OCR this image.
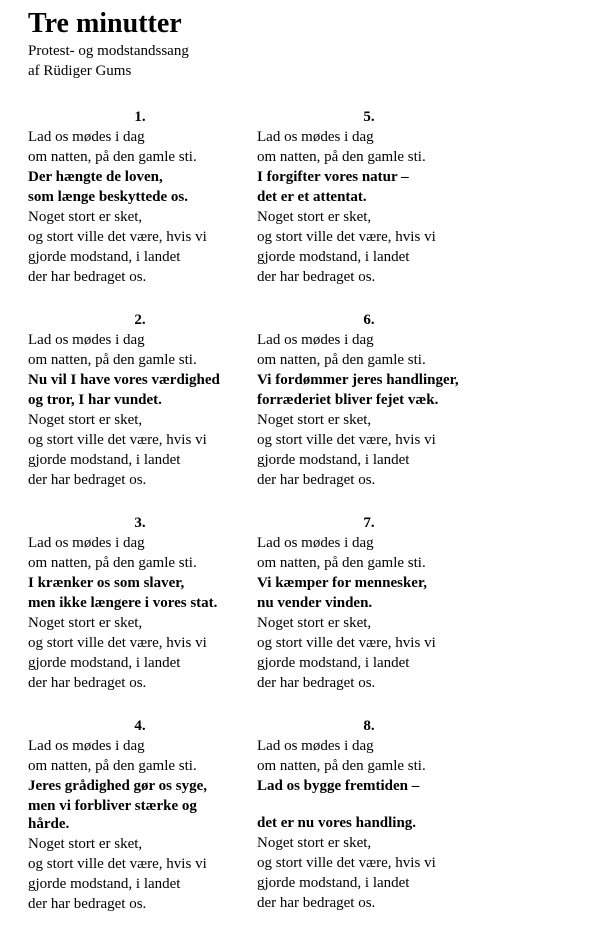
Tre minutter
Protest- og modstandssang
af Rüdiger Gums
1.
Lad os mødes i dag
om natten, på den gamle sti.
Der hængte de loven,
som længe beskyttede os.
Noget stort er sket,
og stort ville det være, hvis vi
gjorde modstand, i landet
der har bedraget os.
2.
Lad os mødes i dag
om natten, på den gamle sti.
Nu vil I have vores værdighed
og tror, I har vundet.
Noget stort er sket,
og stort ville det være, hvis vi
gjorde modstand, i landet
der har bedraget os.
3.
Lad os mødes i dag
om natten, på den gamle sti.
I krænker os som slaver,
men ikke længere i vores stat.
Noget stort er sket,
og stort ville det være, hvis vi
gjorde modstand, i landet
der har bedraget os.
4.
Lad os mødes i dag
om natten, på den gamle sti.
Jeres grådighed gør os syge,
men vi forbliver stærke og hårde.
Noget stort er sket,
og stort ville det være, hvis vi
gjorde modstand, i landet
der har bedraget os.
5.
Lad os mødes i dag
om natten, på den gamle sti.
I forgifter vores natur –
det er et attentat.
Noget stort er sket,
og stort ville det være, hvis vi
gjorde modstand, i landet
der har bedraget os.
6.
Lad os mødes i dag
om natten, på den gamle sti.
Vi fordømmer jeres handlinger,
forræderiet bliver fejet væk.
Noget stort er sket,
og stort ville det være, hvis vi
gjorde modstand, i landet
der har bedraget os.
7.
Lad os mødes i dag
om natten, på den gamle sti.
Vi kæmper for mennesker,
nu vender vinden.
Noget stort er sket,
og stort ville det være, hvis vi
gjorde modstand, i landet
der har bedraget os.
8.
Lad os mødes i dag
om natten, på den gamle sti.
Lad os bygge fremtiden –
det er nu vores handling.
Noget stort er sket,
og stort ville det være, hvis vi
gjorde modstand, i landet
der har bedraget os.
